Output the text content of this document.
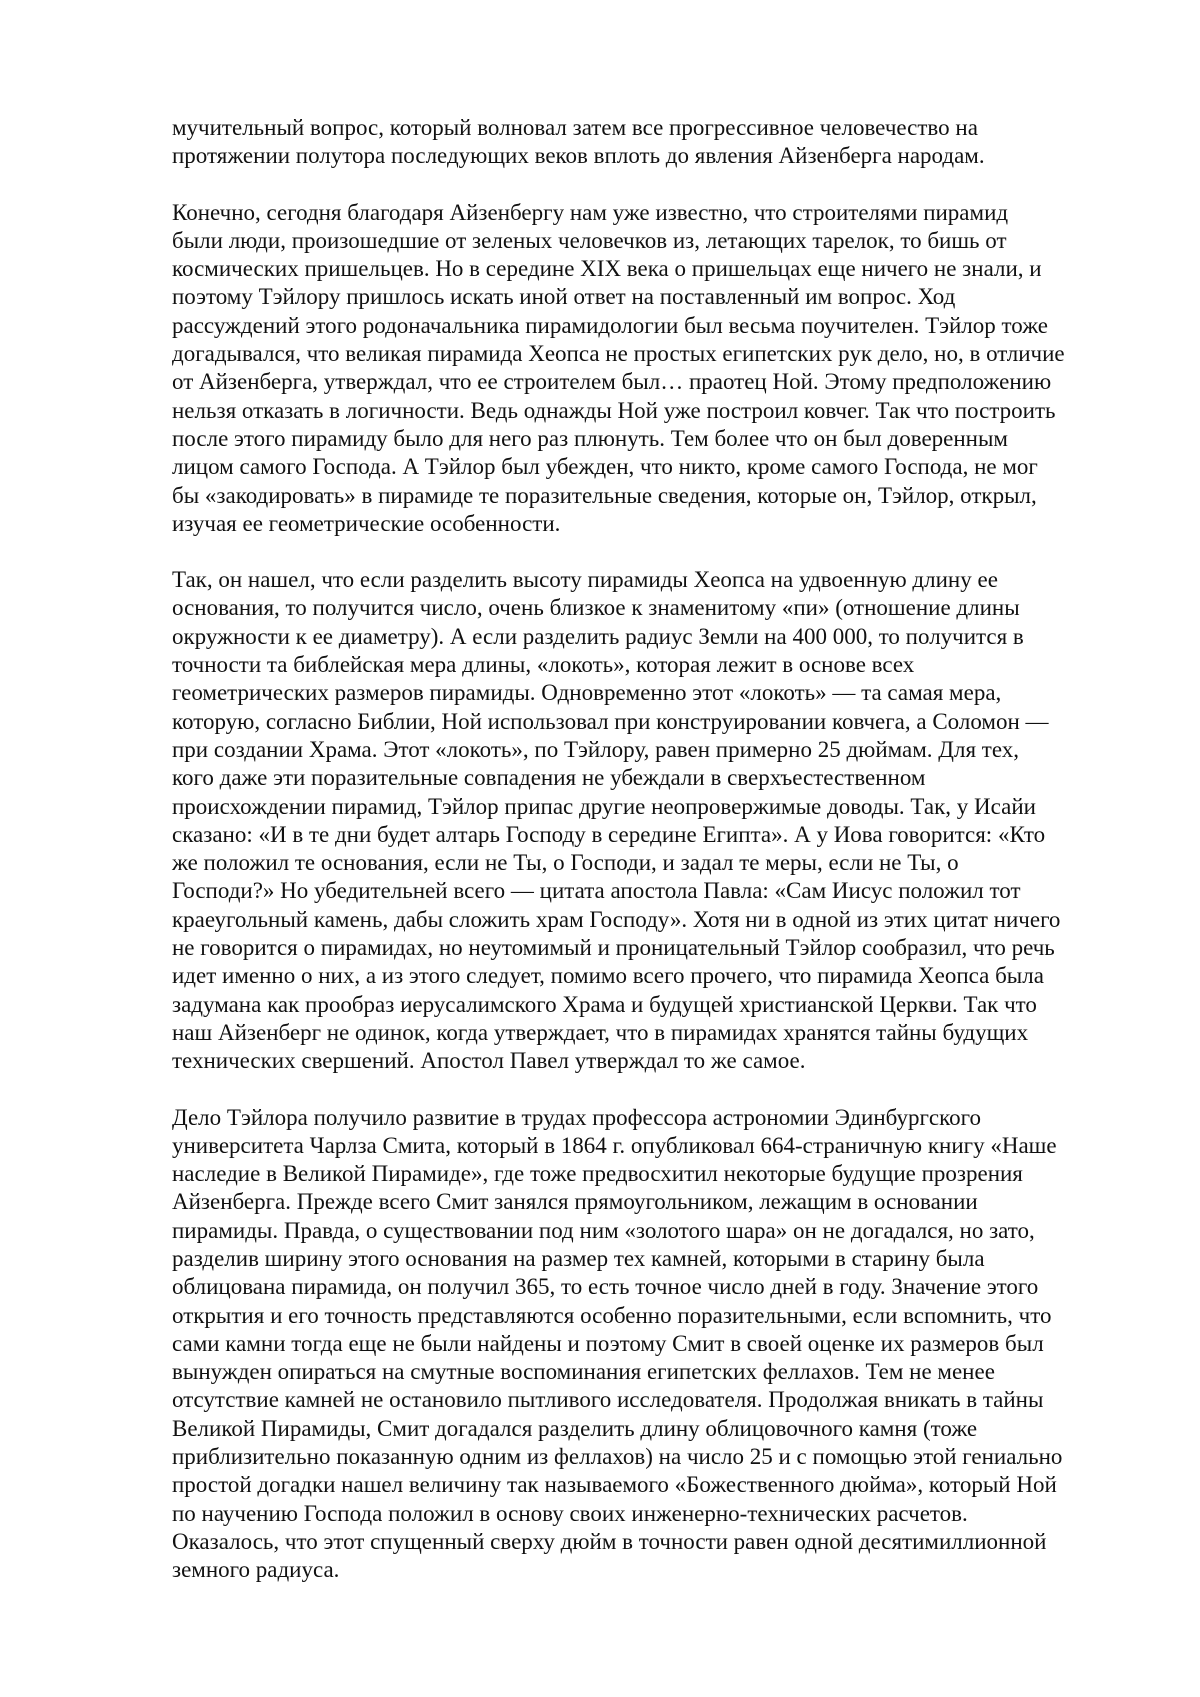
мучительный вопрос, который волновал затем все прогрессивное человечество на
протяжении полутора последующих веков вплоть до явления Айзенберга народам.

Конечно, сегодня благодаря Айзенбергу нам уже известно, что строителями пирамид
были люди, произошедшие от зеленых человечков из, летающих тарелок, то бишь от
космических пришельцев. Но в середине XIX века о пришельцах еще ничего не знали, и
поэтому Тэйлору пришлось искать иной ответ на поставленный им вопрос. Ход
рассуждений этого родоначальника пирамидологии был весьма поучителен. Тэйлор тоже
догадывался, что великая пирамида Хеопса не простых египетских рук дело, но, в отличие
от Айзенберга, утверждал, что ее строителем был… праотец Ной. Этому предположению
нельзя отказать в логичности. Ведь однажды Ной уже построил ковчег. Так что построить
после этого пирамиду было для него раз плюнуть. Тем более что он был доверенным
лицом самого Господа. А Тэйлор был убежден, что никто, кроме самого Господа, не мог
бы «закодировать» в пирамиде те поразительные сведения, которые он, Тэйлор, открыл,
изучая ее геометрические особенности.

Так, он нашел, что если разделить высоту пирамиды Хеопса на удвоенную длину ее
основания, то получится число, очень близкое к знаменитому «пи» (отношение длины
окружности к ее диаметру). А если разделить радиус Земли на 400 000, то получится в
точности та библейская мера длины, «локоть», которая лежит в основе всех
геометрических размеров пирамиды. Одновременно этот «локоть» — та самая мера,
которую, согласно Библии, Ной использовал при конструировании ковчега, а Соломон —
при создании Храма. Этот «локоть», по Тэйлору, равен примерно 25 дюймам. Для тех,
кого даже эти поразительные совпадения не убеждали в сверхъестественном
происхождении пирамид, Тэйлор припас другие неопровержимые доводы. Так, у Исайи
сказано: «И в те дни будет алтарь Господу в середине Египта». А у Иова говорится: «Кто
же положил те основания, если не Ты, о Господи, и задал те меры, если не Ты, о
Господи?» Но убедительней всего — цитата апостола Павла: «Сам Иисус положил тот
краеугольный камень, дабы сложить храм Господу». Хотя ни в одной из этих цитат ничего
не говорится о пирамидах, но неутомимый и проницательный Тэйлор сообразил, что речь
идет именно о них, а из этого следует, помимо всего прочего, что пирамида Хеопса была
задумана как прообраз иерусалимского Храма и будущей христианской Церкви. Так что
наш Айзенберг не одинок, когда утверждает, что в пирамидах хранятся тайны будущих
технических свершений. Апостол Павел утверждал то же самое.

Дело Тэйлора получило развитие в трудах профессора астрономии Эдинбургского
университета Чарлза Смита, который в 1864 г. опубликовал 664-страничную книгу «Наше
наследие в Великой Пирамиде», где тоже предвосхитил некоторые будущие прозрения
Айзенберга. Прежде всего Смит занялся прямоугольником, лежащим в основании
пирамиды. Правда, о существовании под ним «золотого шара» он не догадался, но зато,
разделив ширину этого основания на размер тех камней, которыми в старину была
облицована пирамида, он получил 365, то есть точное число дней в году. Значение этого
открытия и его точность представляются особенно поразительными, если вспомнить, что
сами камни тогда еще не были найдены и поэтому Смит в своей оценке их размеров был
вынужден опираться на смутные воспоминания египетских феллахов. Тем не менее
отсутствие камней не остановило пытливого исследователя. Продолжая вникать в тайны
Великой Пирамиды, Смит догадался разделить длину облицовочного камня (тоже
приблизительно показанную одним из феллахов) на число 25 и с помощью этой гениально
простой догадки нашел величину так называемого «Божественного дюйма», который Ной
по научению Господа положил в основу своих инженерно-технических расчетов.
Оказалось, что этот спущенный сверху дюйм в точности равен одной десятимиллионной
земного радиуса.
